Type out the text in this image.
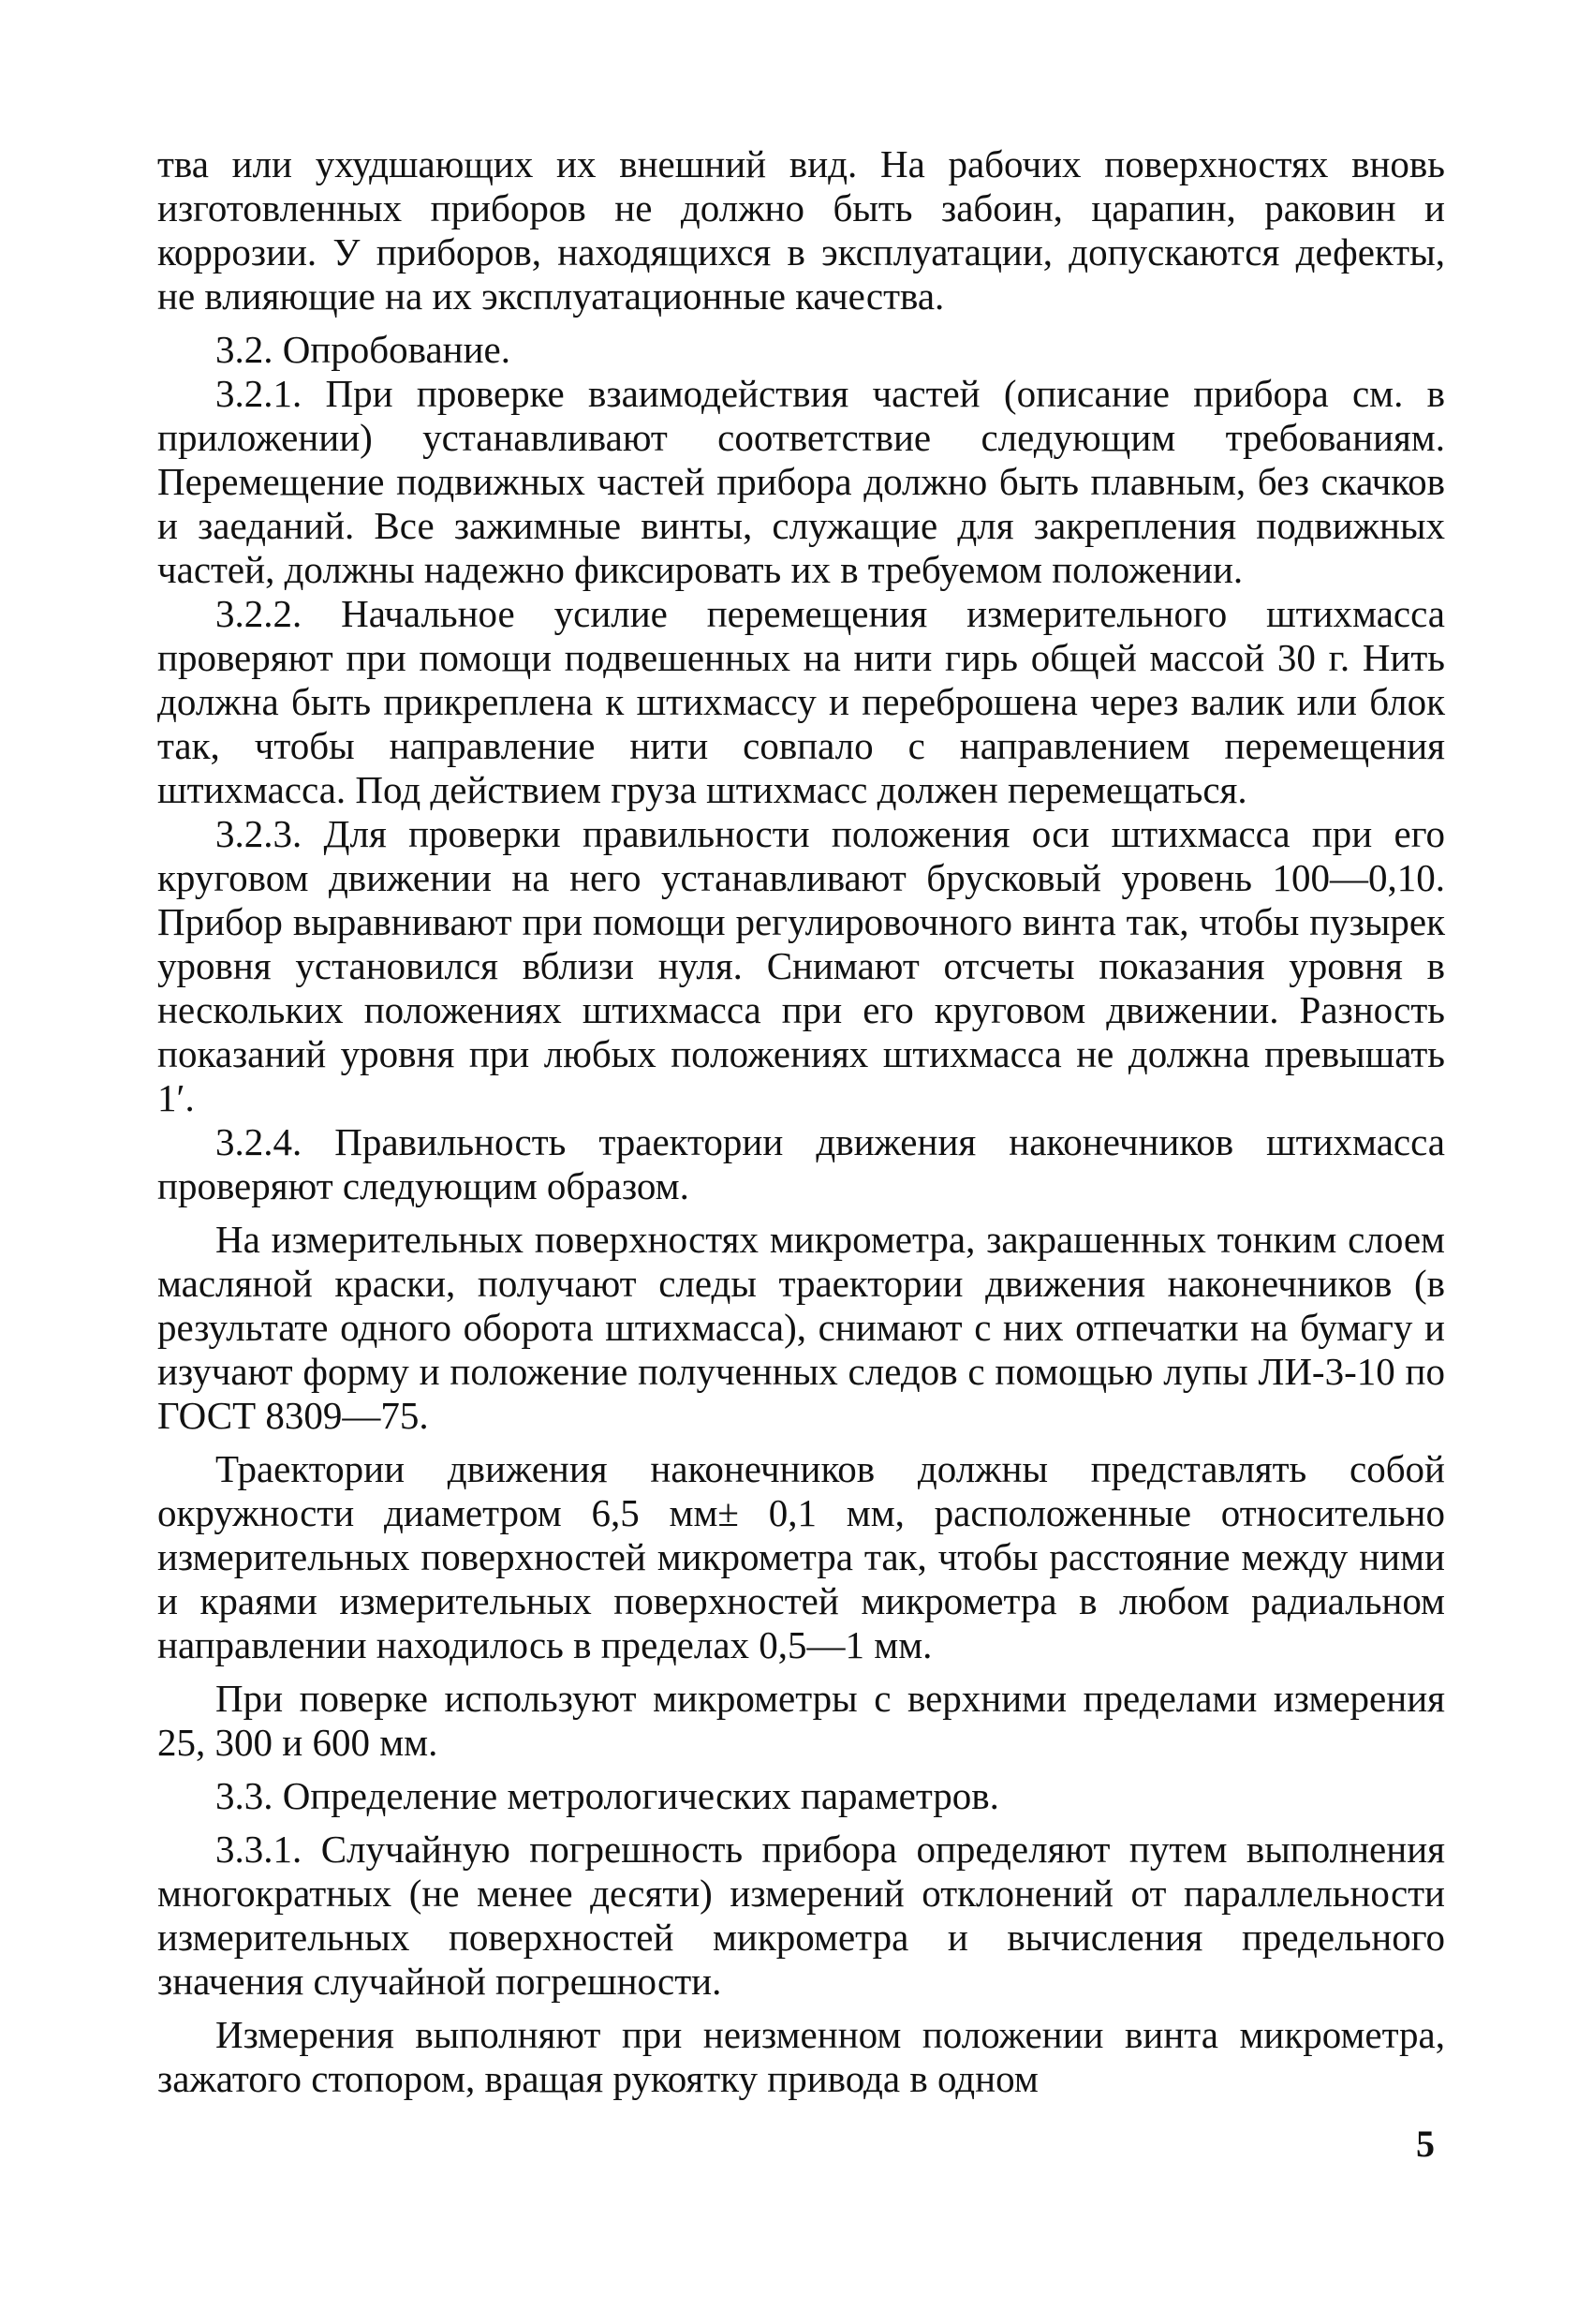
тва или ухудшающих их внешний вид. На рабочих поверхностях вновь изготовленных приборов не должно быть забоин, царапин, раковин и коррозии. У приборов, находящихся в эксплуатации, допускаются дефекты, не влияющие на их эксплуатационные качества.

3.2. Опробование.

3.2.1. При проверке взаимодействия частей (описание прибора см. в приложении) устанавливают соответствие следующим требованиям. Перемещение подвижных частей прибора должно быть плавным, без скачков и заеданий. Все зажимные винты, служащие для закрепления подвижных частей, должны надежно фиксировать их в требуемом положении.

3.2.2. Начальное усилие перемещения измерительного штихмасса проверяют при помощи подвешенных на нити гирь общей массой 30 г. Нить должна быть прикреплена к штихмассу и переброшена через валик или блок так, чтобы направление нити совпало с направлением перемещения штихмасса. Под действием груза штихмасс должен перемещаться.

3.2.3. Для проверки правильности положения оси штихмасса при его круговом движении на него устанавливают брусковый уровень 100—0,10. Прибор выравнивают при помощи регулировочного винта так, чтобы пузырек уровня установился вблизи нуля. Снимают отсчеты показания уровня в нескольких положениях штихмасса при его круговом движении. Разность показаний уровня при любых положениях штихмасса не должна превышать 1′.

3.2.4. Правильность траектории движения наконечников штихмасса проверяют следующим образом.

На измерительных поверхностях микрометра, закрашенных тонким слоем масляной краски, получают следы траектории движения наконечников (в результате одного оборота штихмасса), снимают с них отпечатки на бумагу и изучают форму и положение полученных следов с помощью лупы ЛИ-3-10 по ГОСТ 8309—75.

Траектории движения наконечников должны представлять собой окружности диаметром 6,5 мм± 0,1 мм, расположенные относительно измерительных поверхностей микрометра так, чтобы расстояние между ними и краями измерительных поверхностей микрометра в любом радиальном направлении находилось в пределах 0,5—1 мм.

При поверке используют микрометры с верхними пределами измерения 25, 300 и 600 мм.

3.3. Определение метрологических параметров.

3.3.1. Случайную погрешность прибора определяют путем выполнения многократных (не менее десяти) измерений отклонений от параллельности измерительных поверхностей микрометра и вычисления предельного значения случайной погрешности.

Измерения выполняют при неизменном положении винта микрометра, зажатого стопором, вращая рукоятку привода в одном

5
